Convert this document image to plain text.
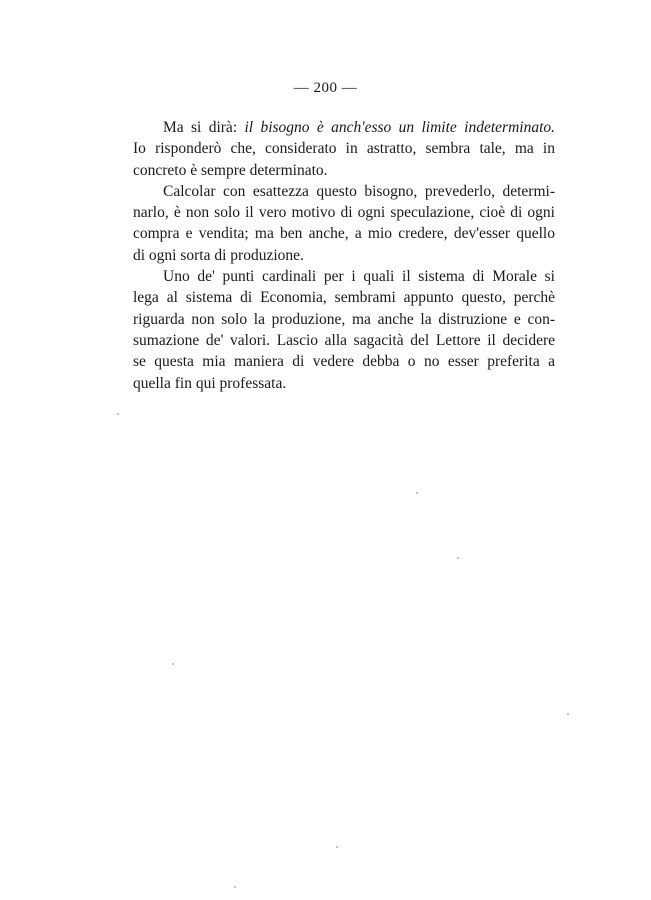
— 200 —

Ma si dirà: il bisogno è anch'esso un limite indeterminato.
Io risponderò che, considerato in astratto, sembra tale, ma in
concreto è sempre determinato.

Calcolar con esattezza questo bisogno, prevederlo, determi-
narlo, è non solo il vero motivo di ogni speculazione, cioè di ogni
compra e vendita; ma ben anche, a mio credere, dev'esser quello
di ogni sorta di produzione.

Uno de' punti cardinali per i quali il sistema di Morale si
lega al sistema di Economia, sembrami appunto questo, perchè
riguarda non solo la produzione, ma anche la distruzione e con-
sumazione de' valori. Lascio alla sagacità del Lettore il decidere
se questa mia maniera di vedere debba o no esser preferita a
quella fin qui professata.
